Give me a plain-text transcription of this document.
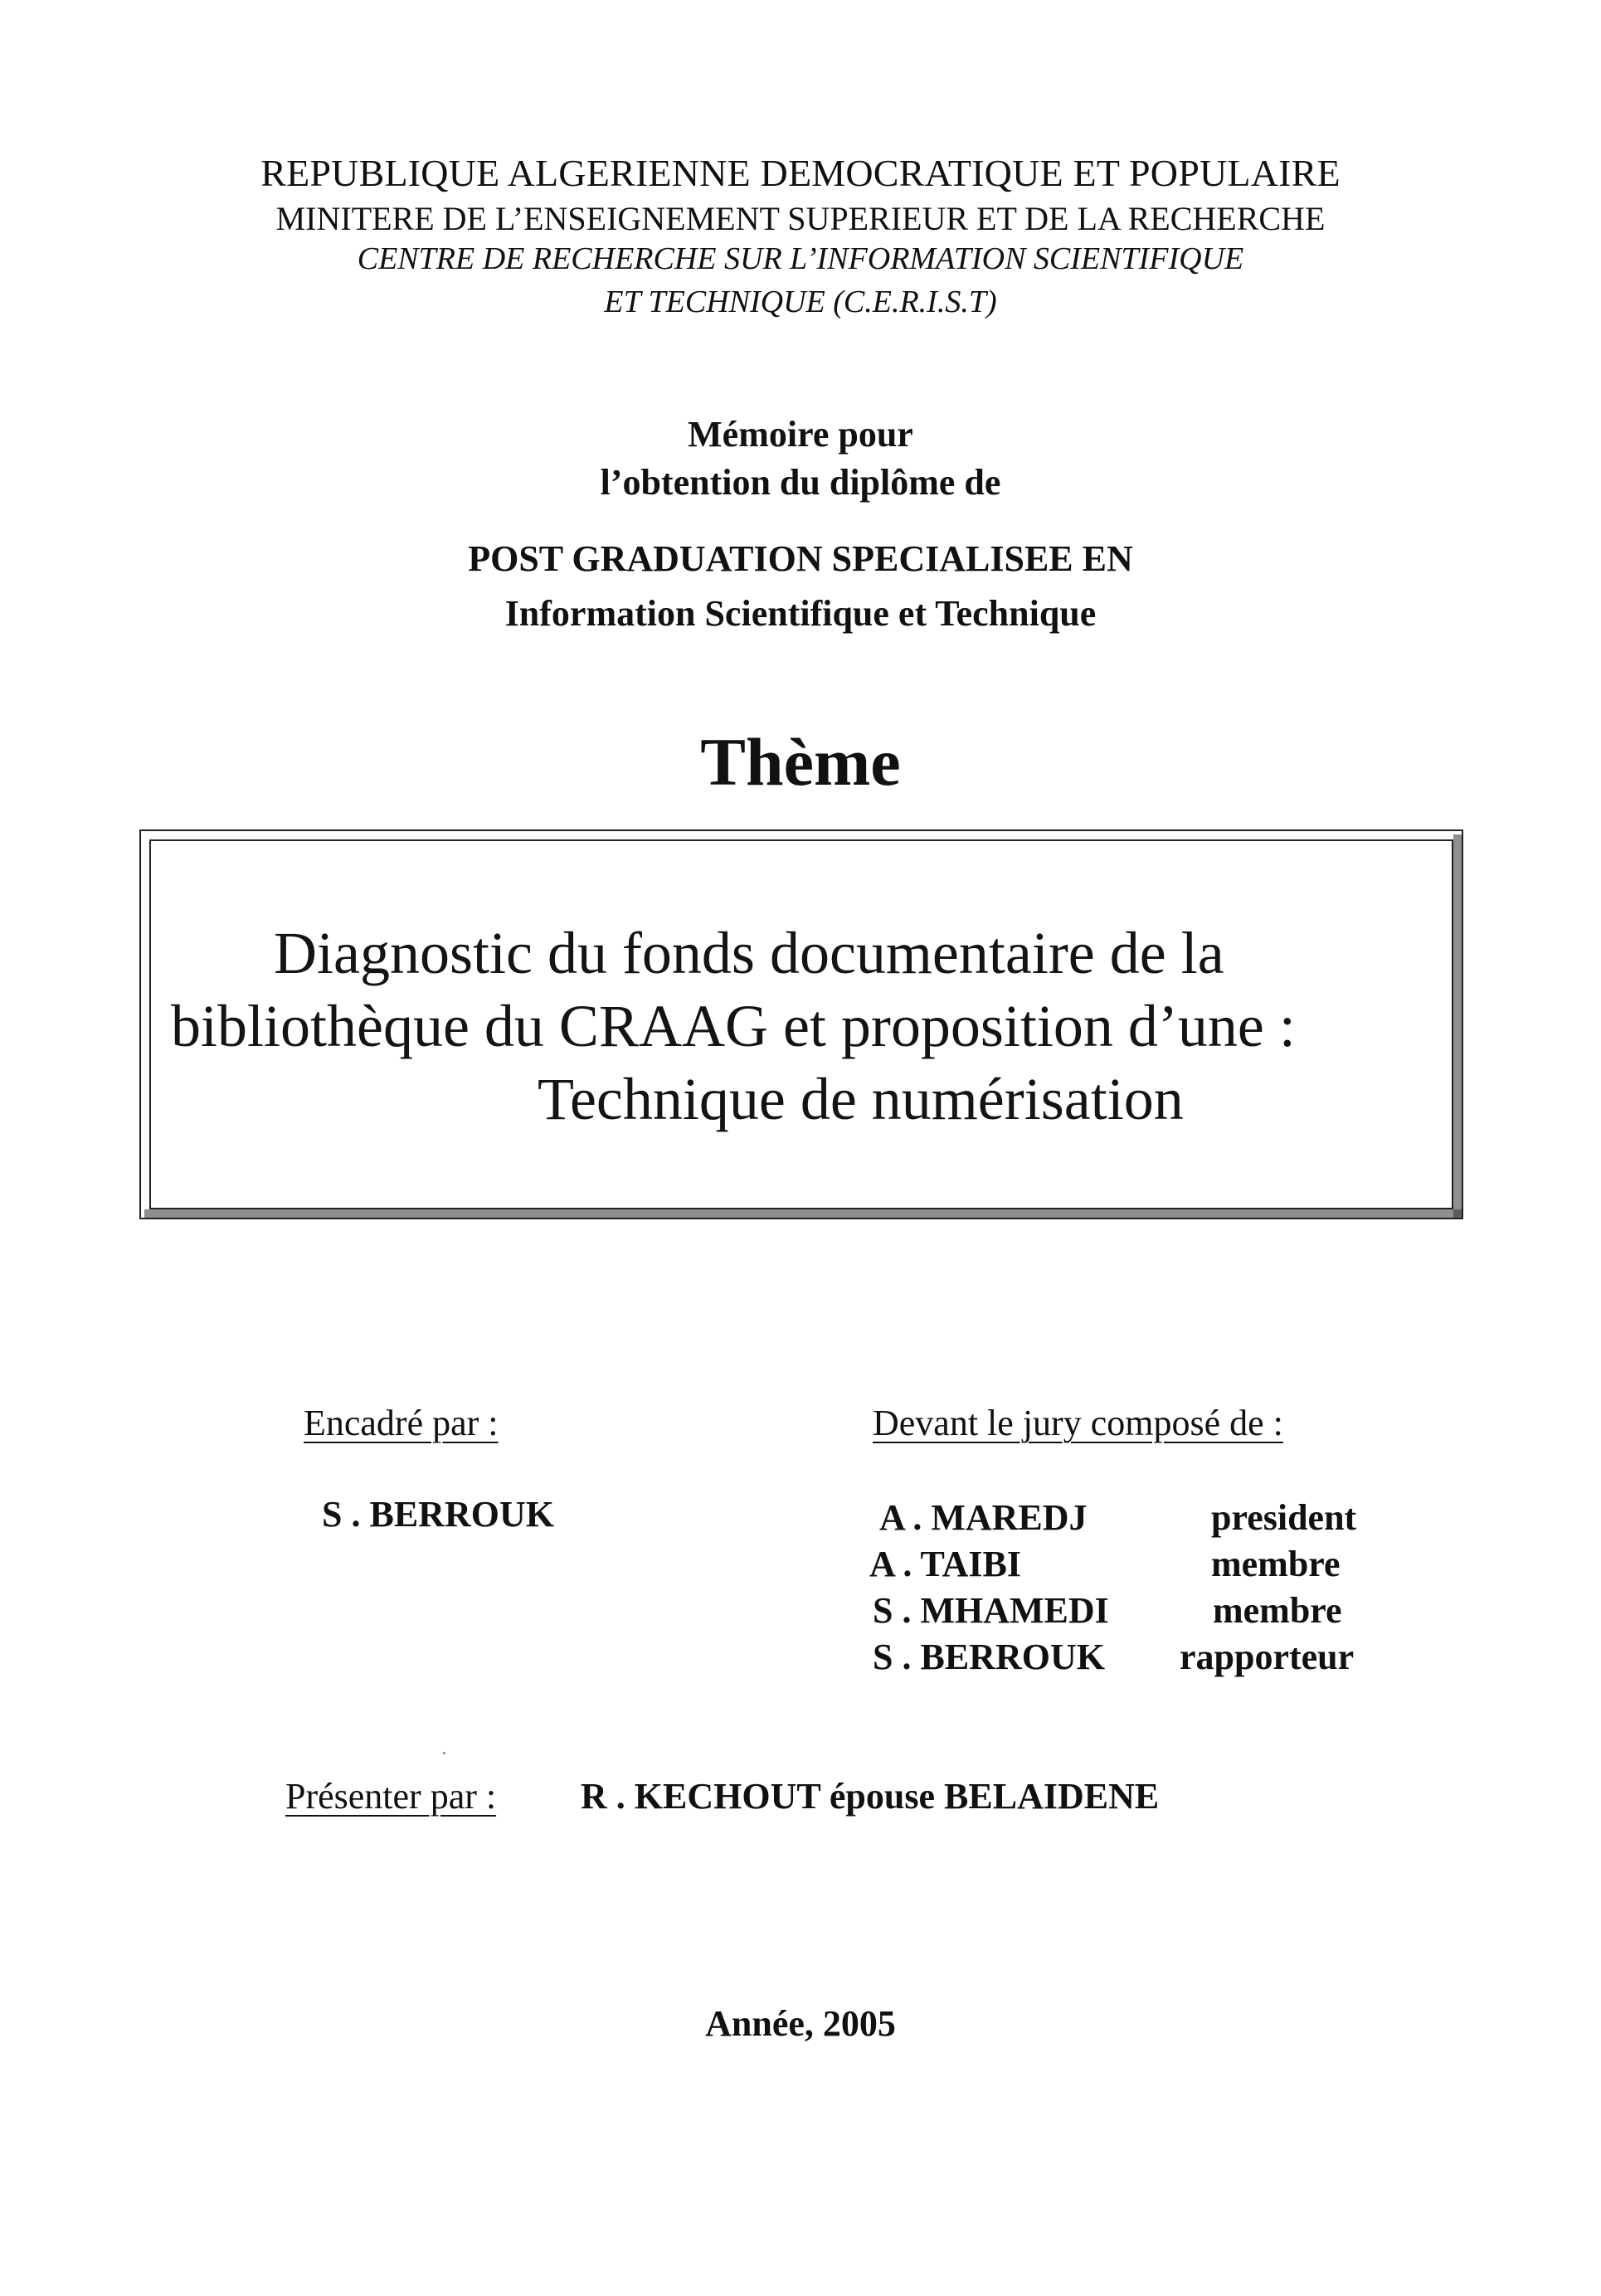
REPUBLIQUE ALGERIENNE DEMOCRATIQUE ET POPULAIRE
MINITERE DE L’ENSEIGNEMENT SUPERIEUR ET DE LA RECHERCHE
CENTRE DE RECHERCHE SUR L’INFORMATION SCIENTIFIQUE
ET TECHNIQUE (C.E.R.I.S.T)
Mémoire pour
l’obtention du diplôme de
POST GRADUATION SPECIALISEE EN
Information Scientifique et Technique
Thème
Diagnostic du fonds documentaire de la
bibliothèque du CRAAG et proposition d’une :
Technique de numérisation
Encadré par :
S . BERROUK
Devant le jury composé de :
A . MAREDJ	president
A . TAIBI	membre
S . MHAMEDI	membre
S . BERROUK rapporteur
Présenter par : R . KECHOUT épouse BELAIDENE
Année, 2005
